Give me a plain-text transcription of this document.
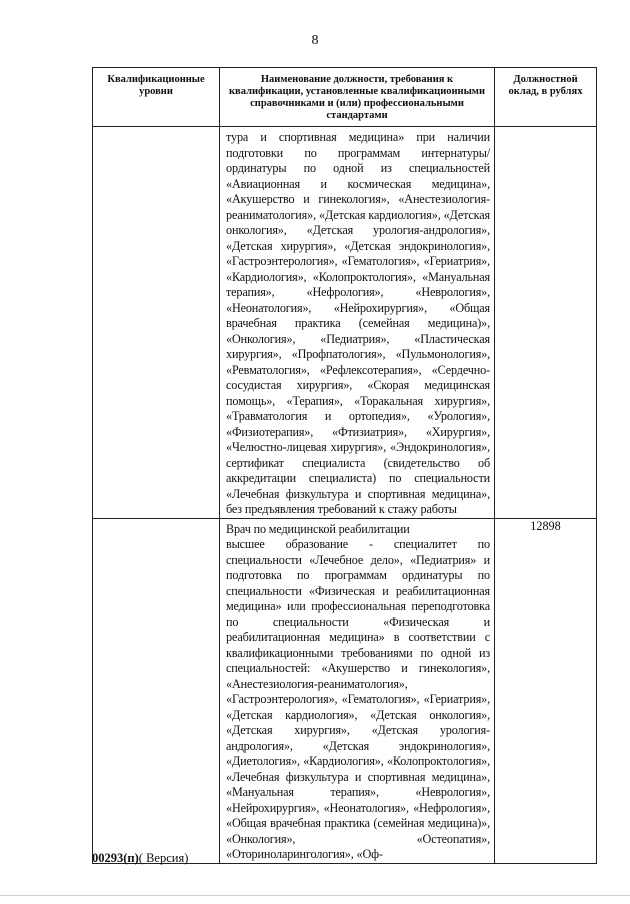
8
Квалификационные уровни	Наименование должности, требования к квалификации, установленные квалификационными справочниками и (или) профессиональными стандартами	Должностной оклад, в рублях

	тура и спортивная медицина» при наличии подготовки по программам интернатуры/ординатуры по одной из специальностей «Авиационная и космическая медицина», «Акушерство и гинекология», «Анестезиология-реаниматология», «Детская кардиология», «Детская онкология», «Детская урология-андрология», «Детская хирургия», «Детская эндокринология», «Гастроэнтерология», «Гематология», «Гериатрия», «Кардиология», «Колопроктология», «Мануальная терапия», «Нефрология», «Неврология», «Неонатология», «Нейрохирургия», «Общая врачебная практика (семейная медицина)», «Онкология», «Педиатрия», «Пластическая хирургия», «Профпатология», «Пульмонология», «Ревматология», «Рефлексотерапия», «Сердечно-сосудистая хирургия», «Скорая медицинская помощь», «Терапия», «Торакальная хирургия», «Травматология и ортопедия», «Урология», «Физиотерапия», «Фтизиатрия», «Хирургия», «Челюстно-лицевая хирургия», «Эндокринология», сертификат специалиста (свидетельство об аккредитации специалиста) по специальности «Лечебная физкультура и спортивная медицина», без предъявления требований к стажу работы	

	Врач по медицинской реабилитации

высшее образование - специалитет по специальности «Лечебное дело», «Педиатрия» и подготовка по программам ординатуры по специальности «Физическая и реабилитационная медицина» или профессиональная переподготовка по специальности «Физическая и реабилитационная медицина» в соответствии с квалификационными требованиями по одной из специальностей: «Акушерство и гинекология», «Анестезиология-реаниматология», «Гастроэнтерология», «Гематология», «Гериатрия», «Детская кардиология», «Детская онкология», «Детская хирургия», «Детская урология-андрология», «Детская эндокринология», «Диетология», «Кардиология», «Колопроктология», «Лечебная физкультура и спортивная медицина», «Мануальная терапия», «Неврология», «Нейрохирургия», «Неонатология», «Нефрология», «Общая врачебная практика (семейная медицина)», «Онкология», «Остеопатия», «Оториноларингология», «Оф-	12898
00293(п)( Версия)
